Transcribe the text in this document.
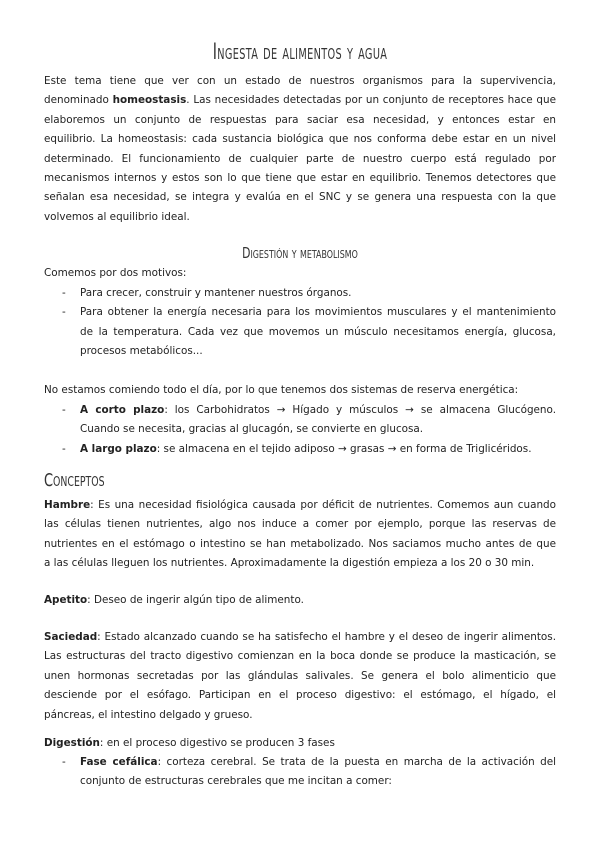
Ingesta de alimentos y agua
Digestión y metabolismo
Conceptos
Este tema tiene que ver con un estado de nuestros organismos para la supervivencia,
denominado homeostasis. Las necesidades detectadas por un conjunto de receptores hace que
elaboremos un conjunto de respuestas para saciar esa necesidad, y entonces estar en
equilibrio. La homeostasis: cada sustancia biológica que nos conforma debe estar en un nivel
determinado. El funcionamiento de cualquier parte de nuestro cuerpo está regulado por
mecanismos internos y estos son lo que tiene que estar en equilibrio. Tenemos detectores que
señalan esa necesidad, se integra y evalúa en el SNC y se genera una respuesta con la que
volvemos al equilibrio ideal.
Comemos por dos motivos:
- Para crecer, construir y mantener nuestros órganos.
- Para obtener la energía necesaria para los movimientos musculares y el mantenimiento
de la temperatura. Cada vez que movemos un músculo necesitamos energía, glucosa,
procesos metabólicos...
No estamos comiendo todo el día, por lo que tenemos dos sistemas de reserva energética:
- A corto plazo: los Carbohidratos → Hígado y músculos → se almacena Glucógeno.
Cuando se necesita, gracias al glucagón, se convierte en glucosa.
- A largo plazo: se almacena en el tejido adiposo → grasas → en forma de Triglicéridos.
Hambre: Es una necesidad fisiológica causada por déficit de nutrientes. Comemos aun cuando
las células tienen nutrientes, algo nos induce a comer por ejemplo, porque las reservas de
nutrientes en el estómago o intestino se han metabolizado. Nos saciamos mucho antes de que
a las células lleguen los nutrientes. Aproximadamente la digestión empieza a los 20 o 30 min.
Apetito: Deseo de ingerir algún tipo de alimento.
Saciedad: Estado alcanzado cuando se ha satisfecho el hambre y el deseo de ingerir alimentos.
Las estructuras del tracto digestivo comienzan en la boca donde se produce la masticación, se
unen hormonas secretadas por las glándulas salivales. Se genera el bolo alimenticio que
desciende por el esófago. Participan en el proceso digestivo: el estómago, el hígado, el
páncreas, el intestino delgado y grueso.
Digestión: en el proceso digestivo se producen 3 fases
- Fase cefálica: corteza cerebral. Se trata de la puesta en marcha de la activación del
conjunto de estructuras cerebrales que me incitan a comer:
